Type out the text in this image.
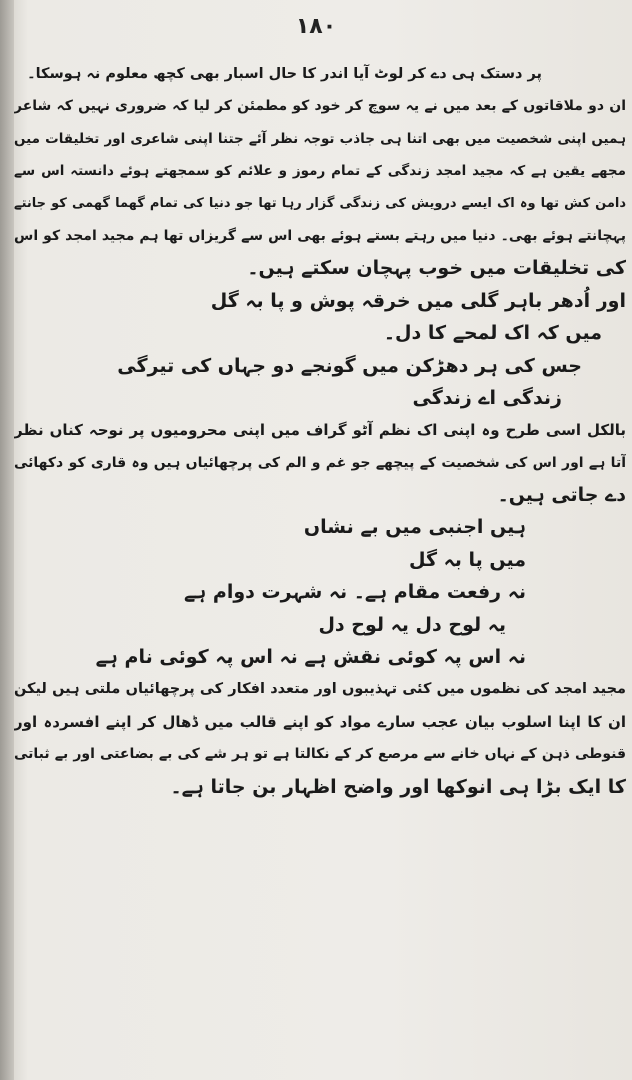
۱۸۰
پر دستک ہی دے کر لوٹ آیا اندر کا حال اسبار بھی کچھ معلوم نہ ہوسکا۔
ان دو ملاقاتوں کے بعد میں نے یہ سوچ کر خود کو مطمئن کر لیا کہ ضروری نہیں کہ شاعر
ہمیں اپنی شخصیت میں بھی اتنا ہی جاذب توجہ نظر آئے جتنا اپنی شاعری اور تخلیقات میں
مجھے یقین ہے کہ مجید امجد زندگی کے تمام رموز و علائم کو سمجھتے ہوئے دانستہ اس سے
دامن کش تھا وہ اک ایسے درویش کی زندگی گزار رہا تھا جو دنیا کی تمام گھما گھمی کو جانتے
پہچانتے ہوئے بھی۔ دنیا میں رہتے بستے ہوئے بھی اس سے گریزاں تھا ہم مجید امجد کو اس
کی تخلیقات میں خوب پہچان سکتے ہیں۔
اور اُدھر باہر گلی میں خرقہ پوش و پا بہ گل
میں کہ اک لمحے کا دل۔
جس کی ہر دھڑکن میں گونجے دو جہاں کی تیرگی
زندگی اے زندگی
بالکل اسی طرح وہ اپنی اک نظم آٹو گراف میں اپنی محرومیوں پر نوحہ کناں نظر
آتا ہے اور اس کی شخصیت کے پیچھے جو غم و الم کی پرچھائیاں ہیں وہ قاری کو دکھائی
دے جاتی ہیں۔
ہیں اجنبی میں بے نشاں
میں پا بہ گل
نہ رفعت مقام ہے۔ نہ شہرت دوام ہے
یہ لوح دل یہ لوح دل
نہ اس پہ کوئی نقش ہے نہ اس پہ کوئی نام ہے
مجید امجد کی نظموں میں کئی تہذیبوں اور متعدد افکار کی پرچھائیاں ملتی ہیں لیکن
ان کا اپنا اسلوب بیان عجب سارے مواد کو اپنے قالب میں ڈھال کر اپنے افسردہ اور
قنوطی ذہن کے نہاں خانے سے مرصع کر کے نکالتا ہے تو ہر شے کی بے بضاعتی اور بے ثباتی
کا ایک بڑا ہی انوکھا اور واضح اظہار بن جاتا ہے۔
